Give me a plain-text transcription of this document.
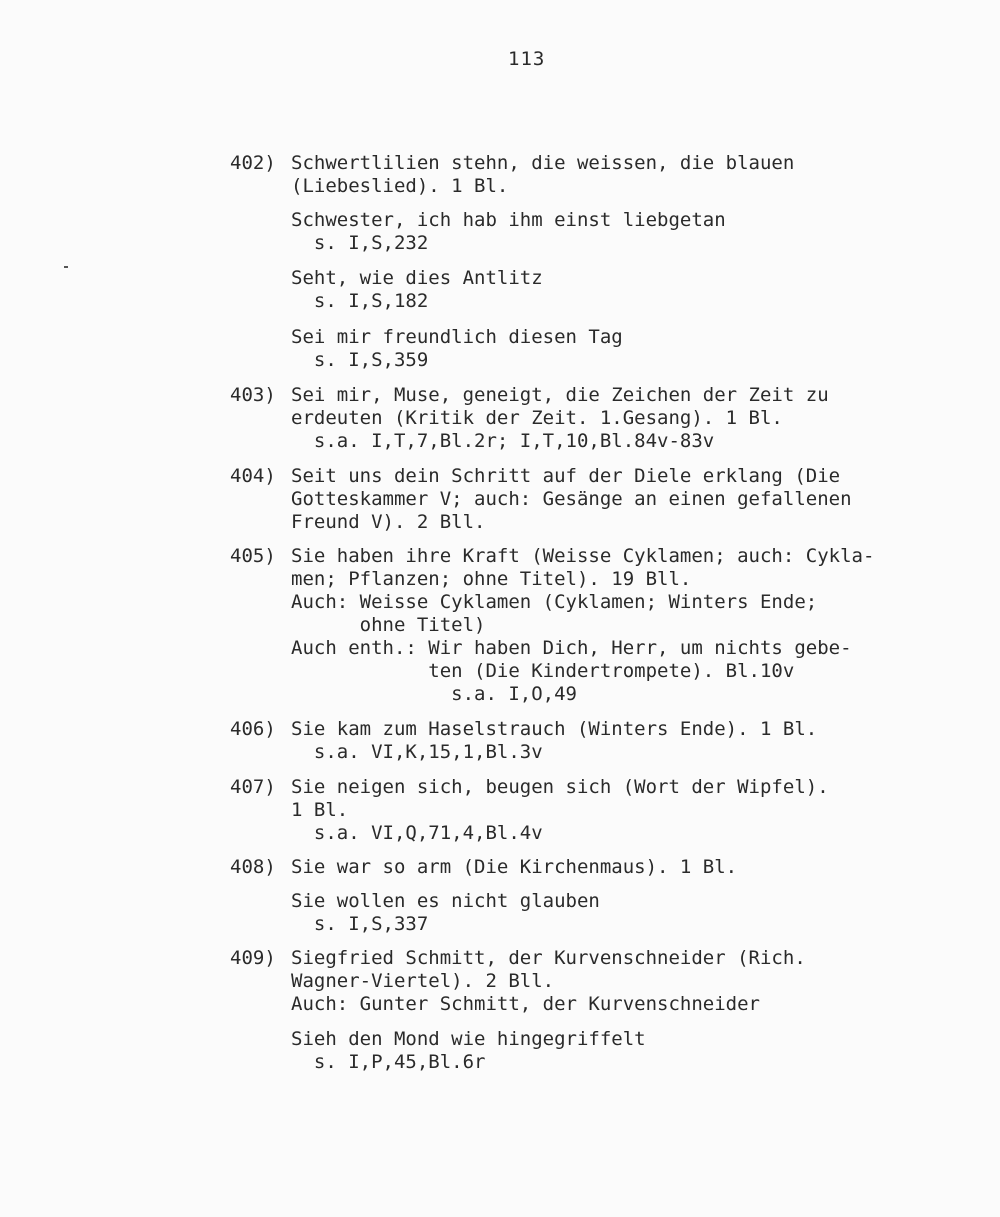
113
402) Schwertlilien stehn, die weissen, die blauen
(Liebeslied). 1 Bl.
Schwester, ich hab ihm einst liebgetan
s. I,S,232
Seht, wie dies Antlitz
s. I,S,182
Sei mir freundlich diesen Tag
s. I,S,359
403) Sei mir, Muse, geneigt, die Zeichen der Zeit zu
erdeuten (Kritik der Zeit. 1.Gesang). 1 Bl.
s.a. I,T,7,Bl.2r; I,T,10,Bl.84v-83v
404) Seit uns dein Schritt auf der Diele erklang (Die
Gotteskammer V; auch: Gesänge an einen gefallenen
Freund V). 2 Bll.
405) Sie haben ihre Kraft (Weisse Cyklamen; auch: Cykla-
men; Pflanzen; ohne Titel). 19 Bll.
Auch: Weisse Cyklamen (Cyklamen; Winters Ende;
ohne Titel)
Auch enth.: Wir haben Dich, Herr, um nichts gebe-
ten (Die Kindertrompete). Bl.10v
s.a. I,O,49
406) Sie kam zum Haselstrauch (Winters Ende). 1 Bl.
s.a. VI,K,15,1,Bl.3v
407) Sie neigen sich, beugen sich (Wort der Wipfel).
1 Bl.
s.a. VI,Q,71,4,Bl.4v
408) Sie war so arm (Die Kirchenmaus). 1 Bl.
Sie wollen es nicht glauben
s. I,S,337
409) Siegfried Schmitt, der Kurvenschneider (Rich.
Wagner-Viertel). 2 Bll.
Auch: Gunter Schmitt, der Kurvenschneider
Sieh den Mond wie hingegriffelt
s. I,P,45,Bl.6r
